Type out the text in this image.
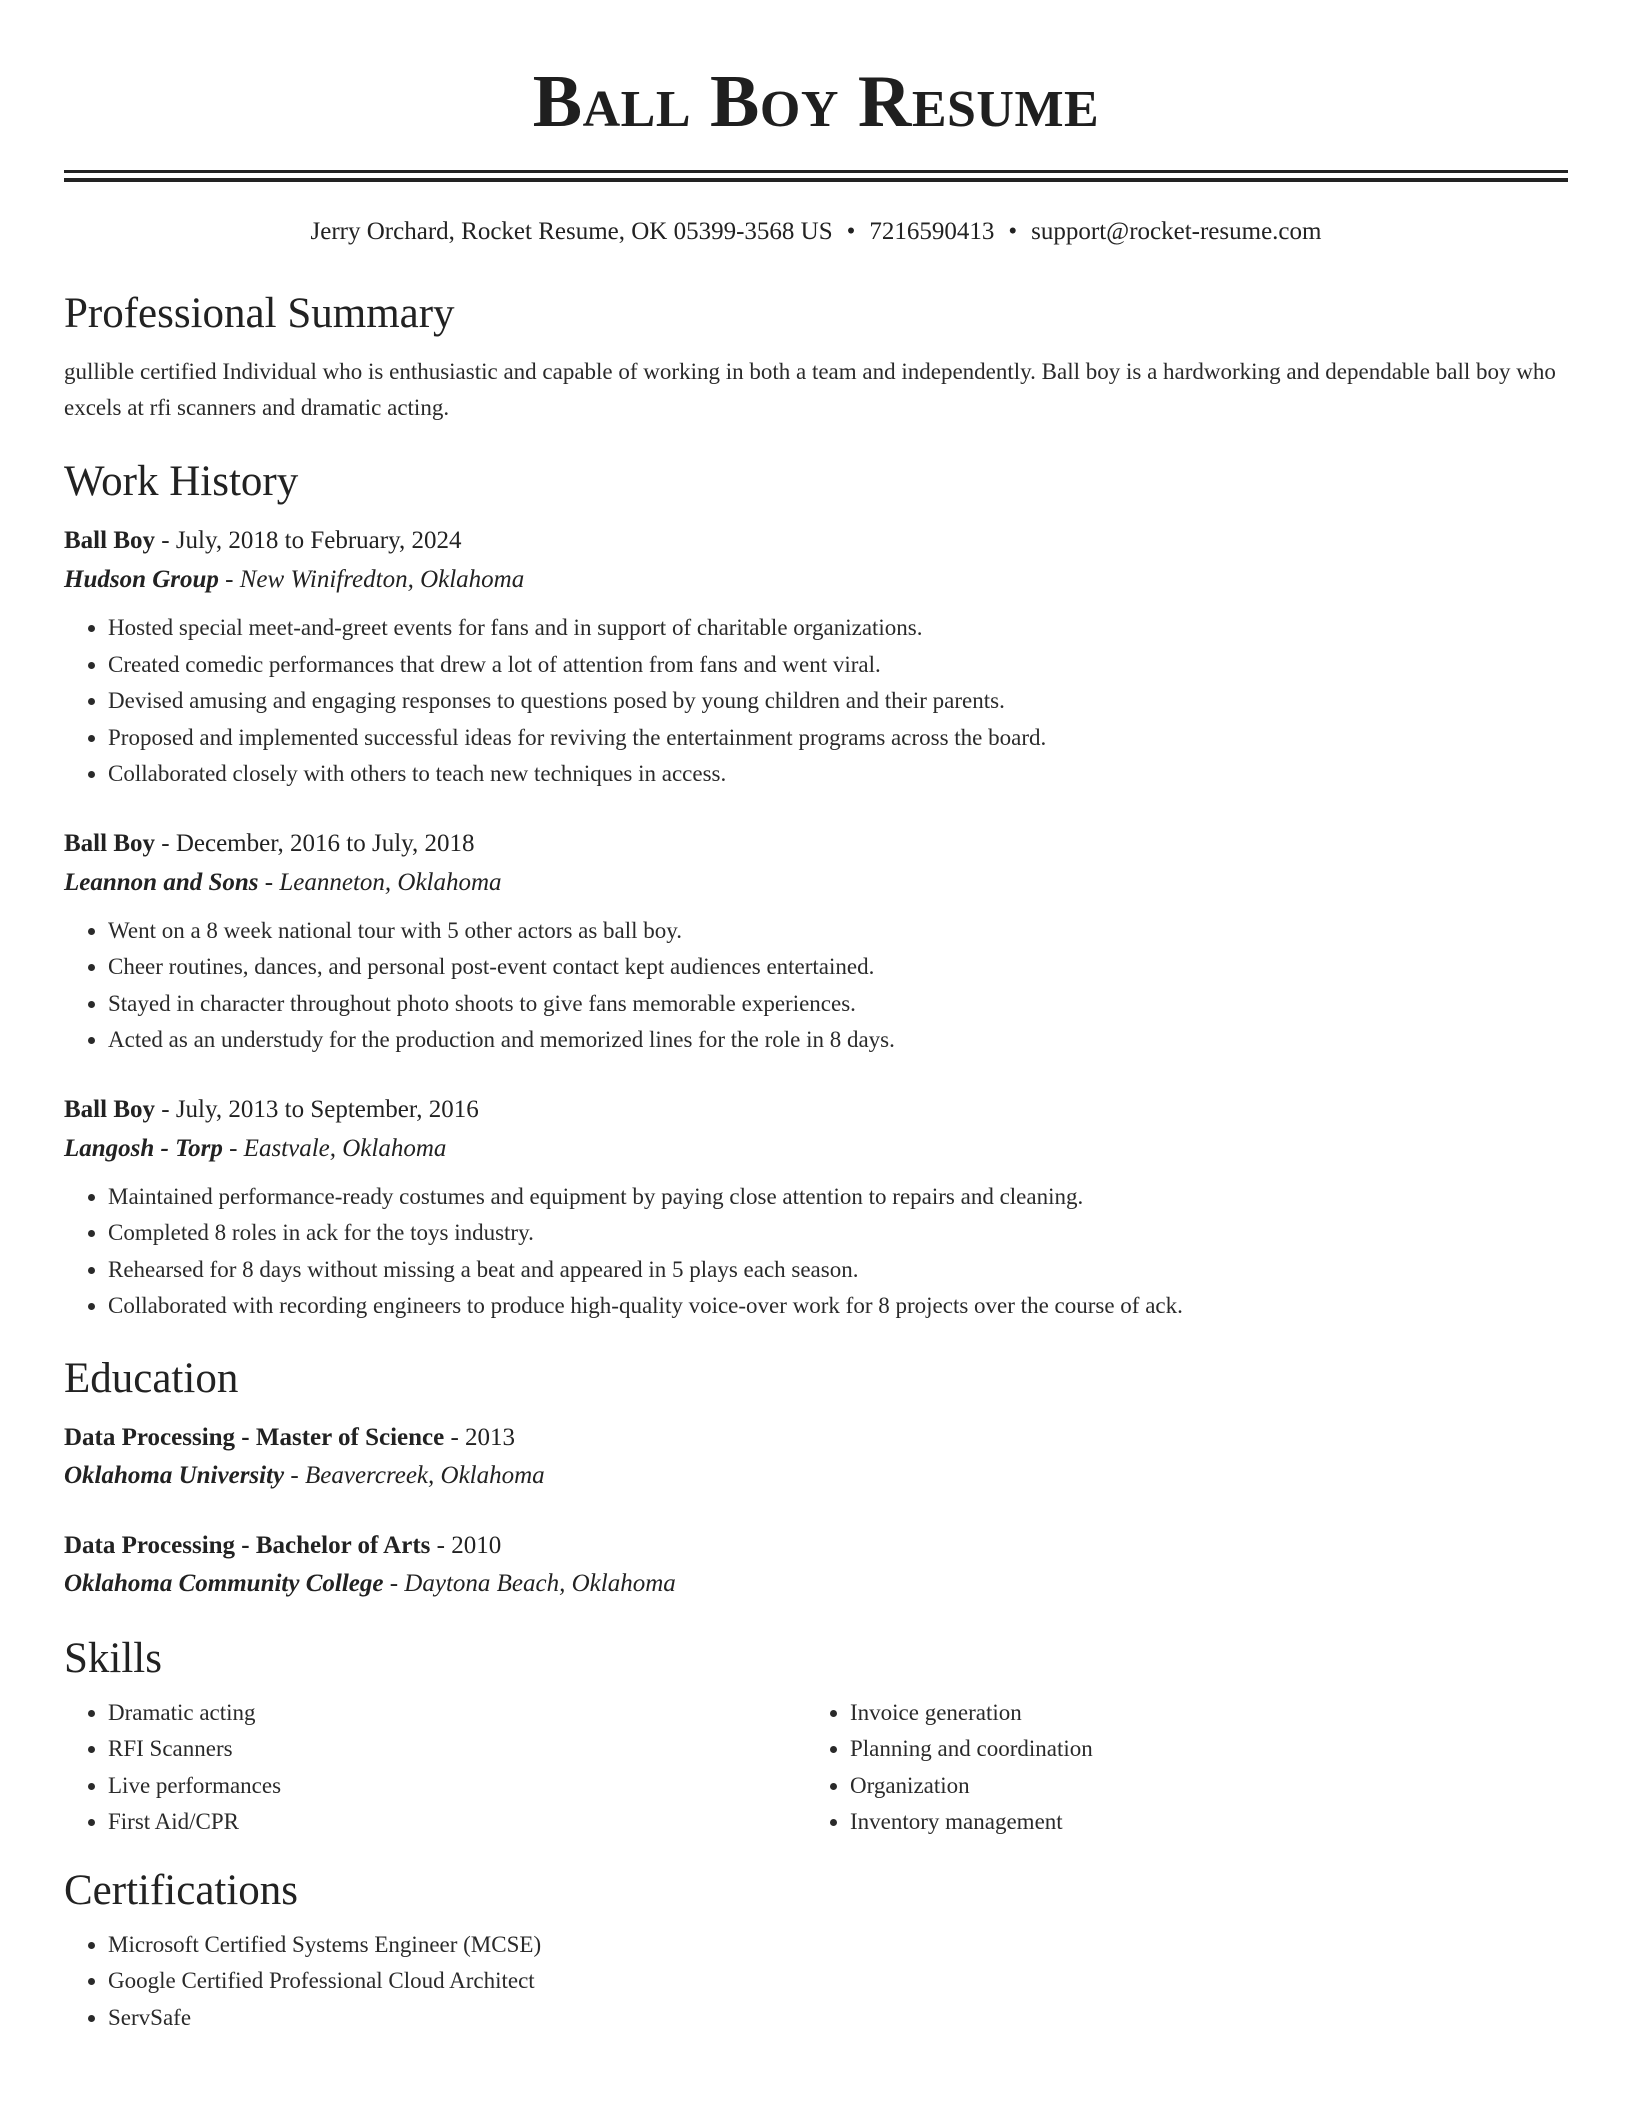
Ball Boy Resume
Jerry Orchard, Rocket Resume, OK 05399-3568 US • 7216590413 • support@rocket-resume.com
Professional Summary
gullible certified Individual who is enthusiastic and capable of working in both a team and independently. Ball boy is a hardworking and dependable ball boy who excels at rfi scanners and dramatic acting.
Work History
Ball Boy - July, 2018 to February, 2024
Hudson Group - New Winifredton, Oklahoma
• Hosted special meet-and-greet events for fans and in support of charitable organizations.
• Created comedic performances that drew a lot of attention from fans and went viral.
• Devised amusing and engaging responses to questions posed by young children and their parents.
• Proposed and implemented successful ideas for reviving the entertainment programs across the board.
• Collaborated closely with others to teach new techniques in access.
Ball Boy - December, 2016 to July, 2018
Leannon and Sons - Leanneton, Oklahoma
• Went on a 8 week national tour with 5 other actors as ball boy.
• Cheer routines, dances, and personal post-event contact kept audiences entertained.
• Stayed in character throughout photo shoots to give fans memorable experiences.
• Acted as an understudy for the production and memorized lines for the role in 8 days.
Ball Boy - July, 2013 to September, 2016
Langosh - Torp - Eastvale, Oklahoma
• Maintained performance-ready costumes and equipment by paying close attention to repairs and cleaning.
• Completed 8 roles in ack for the toys industry.
• Rehearsed for 8 days without missing a beat and appeared in 5 plays each season.
• Collaborated with recording engineers to produce high-quality voice-over work for 8 projects over the course of ack.
Education
Data Processing - Master of Science - 2013
Oklahoma University - Beavercreek, Oklahoma
Data Processing - Bachelor of Arts - 2010
Oklahoma Community College - Daytona Beach, Oklahoma
Skills
• Dramatic acting
• RFI Scanners
• Live performances
• First Aid/CPR
• Invoice generation
• Planning and coordination
• Organization
• Inventory management
Certifications
• Microsoft Certified Systems Engineer (MCSE)
• Google Certified Professional Cloud Architect
• ServSafe
